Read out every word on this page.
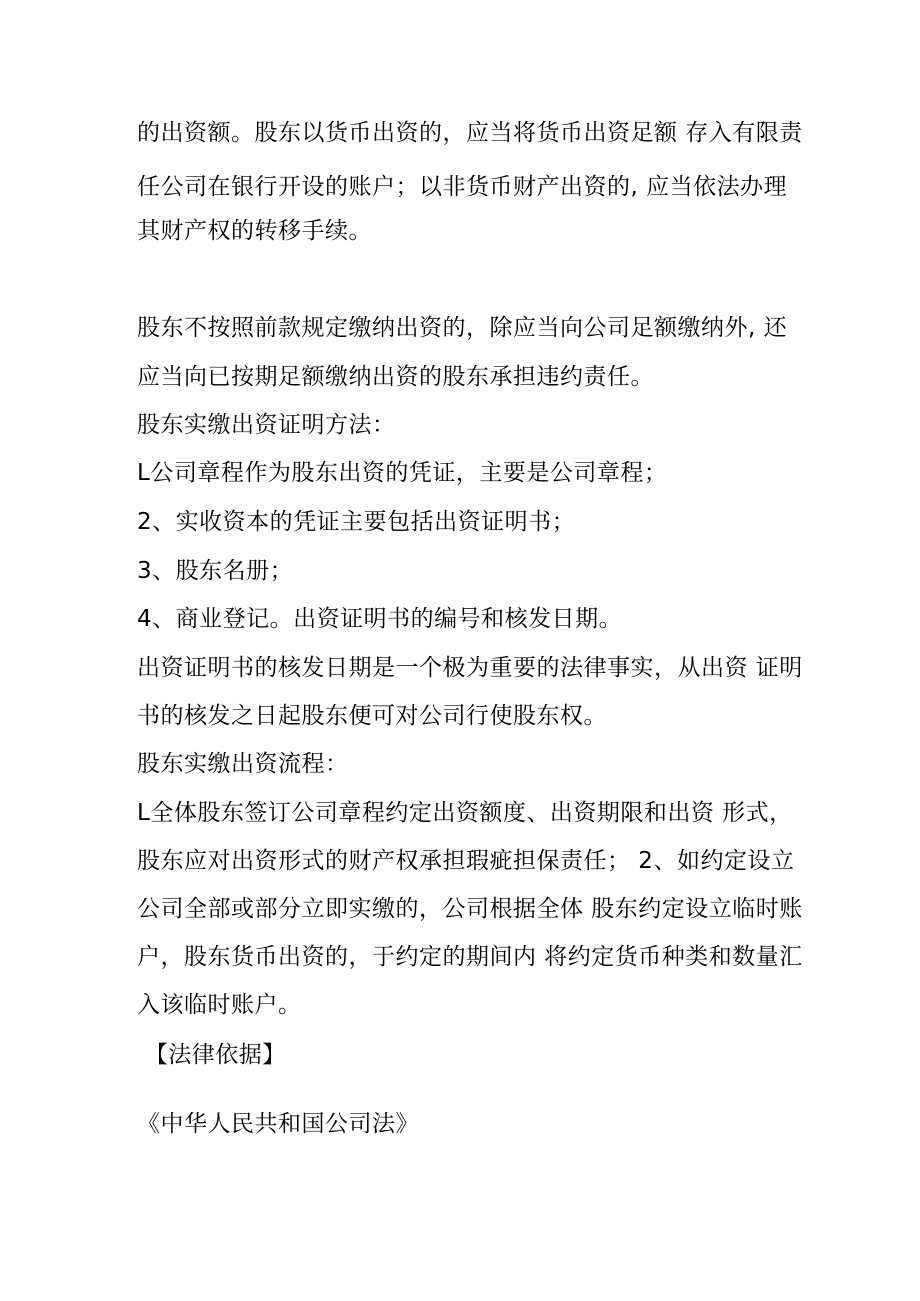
的出资额。股东以货币出资的，应当将货币出资足额 存入有限责

任公司在银行开设的账户；以非货币财产出资的, 应当依法办理

其财产权的转移手续。

股东不按照前款规定缴纳出资的，除应当向公司足额缴纳外, 还

应当向已按期足额缴纳出资的股东承担违约责任。

股东实缴出资证明方法：

L公司章程作为股东出资的凭证，主要是公司章程；

2、实收资本的凭证主要包括出资证明书；

3、股东名册；

4、商业登记。出资证明书的编号和核发日期。

出资证明书的核发日期是一个极为重要的法律事实，从出资 证明

书的核发之日起股东便可对公司行使股东权。

股东实缴出资流程：

L全体股东签订公司章程约定出资额度、出资期限和出资 形式，

股东应对出资形式的财产权承担瑕疵担保责任； 2、如约定设立

公司全部或部分立即实缴的，公司根据全体 股东约定设立临时账

户，股东货币出资的，于约定的期间内 将约定货币种类和数量汇

入该临时账户。

【法律依据】

《中华人民共和国公司法》
